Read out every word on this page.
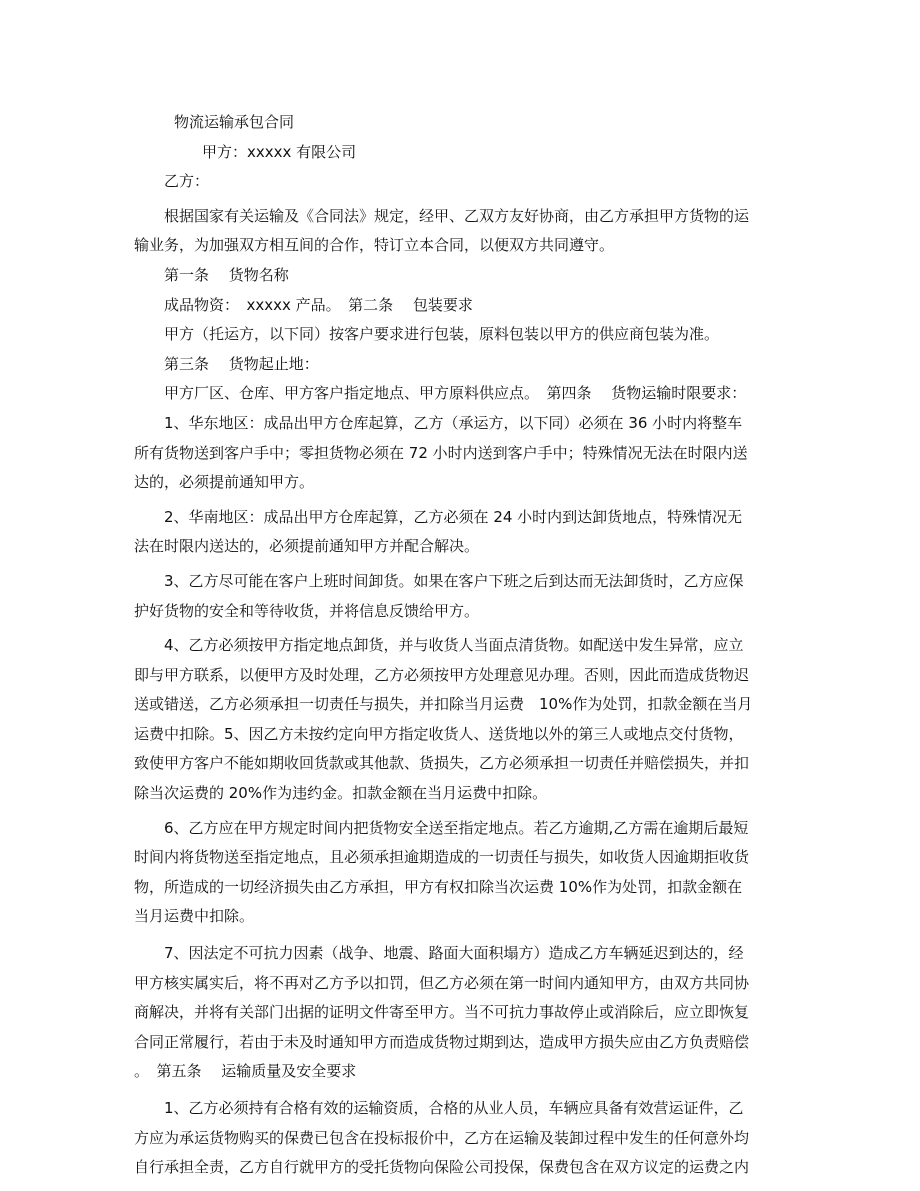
物流运输承包合同
甲方：xxxxx 有限公司
乙方：
根据国家有关运输及《合同法》规定，经甲、乙双方友好协商，由乙方承担甲方货物的运
输业务，为加强双方相互间的合作，特订立本合同，以便双方共同遵守。
第一条　 货物名称
成品物资：　xxxxx 产品。　第二条　 包装要求
甲方（托运方，以下同）按客户要求进行包装，原料包装以甲方的供应商包装为准。
第三条　 货物起止地：
甲方厂区、仓库、甲方客户指定地点、甲方原料供应点。　第四条　 货物运输时限要求：
1、华东地区：成品出甲方仓库起算，乙方（承运方，以下同）必须在 36 小时内将整车
所有货物送到客户手中；零担货物必须在 72 小时内送到客户手中；特殊情况无法在时限内送
达的，必须提前通知甲方。
2、华南地区：成品出甲方仓库起算，乙方必须在 24 小时内到达卸货地点，特殊情况无
法在时限内送达的，必须提前通知甲方并配合解决。
3、乙方尽可能在客户上班时间卸货。如果在客户下班之后到达而无法卸货时，乙方应保
护好货物的安全和等待收货，并将信息反馈给甲方。
4、乙方必须按甲方指定地点卸货，并与收货人当面点清货物。如配送中发生异常，应立
即与甲方联系，以便甲方及时处理，乙方必须按甲方处理意见办理。否则，因此而造成货物迟
送或错送，乙方必须承担一切责任与损失，并扣除当月运费　10%作为处罚，扣款金额在当月
运费中扣除。5、因乙方未按约定向甲方指定收货人、送货地以外的第三人或地点交付货物，
致使甲方客户不能如期收回货款或其他款、货损失，乙方必须承担一切责任并赔偿损失，并扣
除当次运费的 20%作为违约金。扣款金额在当月运费中扣除。
6、乙方应在甲方规定时间内把货物安全送至指定地点。若乙方逾期,乙方需在逾期后最短
时间内将货物送至指定地点，且必须承担逾期造成的一切责任与损失，如收货人因逾期拒收货
物，所造成的一切经济损失由乙方承担，甲方有权扣除当次运费 10%作为处罚，扣款金额在
当月运费中扣除。
7、因法定不可抗力因素（战争、地震、路面大面积塌方）造成乙方车辆延迟到达的，经
甲方核实属实后，将不再对乙方予以扣罚，但乙方必须在第一时间内通知甲方，由双方共同协
商解决，并将有关部门出据的证明文件寄至甲方。当不可抗力事故停止或消除后，应立即恢复
合同正常履行，若由于未及时通知甲方而造成货物过期到达，造成甲方损失应由乙方负责赔偿
。　第五条　 运输质量及安全要求
1、乙方必须持有合格有效的运输资质，合格的从业人员，车辆应具备有效营运证件，乙
方应为承运货物购买的保费已包含在投标报价中，乙方在运输及装卸过程中发生的任何意外均
自行承担全责，乙方自行就甲方的受托货物向保险公司投保，保费包含在双方议定的运费之内
